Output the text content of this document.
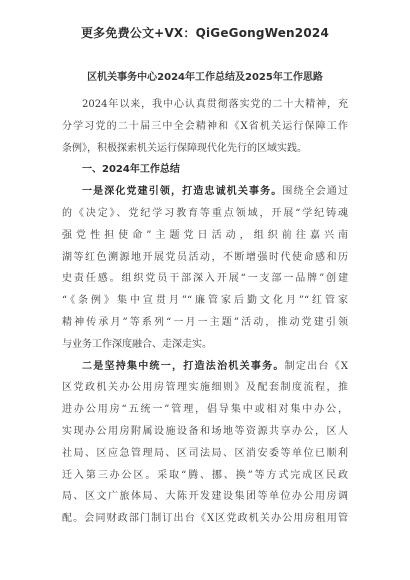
更多免费公文+VX：QiGeGongWen2024
区机关事务中心2024年工作总结及2025年工作思路
2024年以来，我中心认真贯彻落实党的二十大精神，充
分学习党的二十届三中全会精神和《X省机关运行保障工作
条例》，积极探索机关运行保障现代化先行的区域实践。
一、2024年工作总结
一是深化党建引领，打造忠诚机关事务。围绕全会通过
的《决定》、党纪学习教育等重点领域，开展“学纪铸魂
强党性担使命”主题党日活动，组织前往嘉兴南
湖等红色溯源地开展党员活动，不断增强时代使命感和历
史责任感。组织党员干部深入开展“一支部一品牌”创建
“《条例》集中宣贯月”“廉管家后勤文化月”“红管家
精神传承月”等系列“一月一主题”活动，推动党建引领
与业务工作深度融合、走深走实。
二是坚持集中统一，打造法治机关事务。制定出台《X
区党政机关办公用房管理实施细则》及配套制度流程，推
进办公用房“五统一”管理，倡导集中或相对集中办公，
实现办公用房附属设施设备和场地等资源共享办公，区人
社局、区应急管理局、区司法局、区消安委等单位已顺利
迁入第三办公区。采取“腾、挪、换”等方式完成区民政
局、区文广旅体局、大陈开发建设集团等单位办公用房调
配。会同财政部门制订出台《X区党政机关办公用房租用管
